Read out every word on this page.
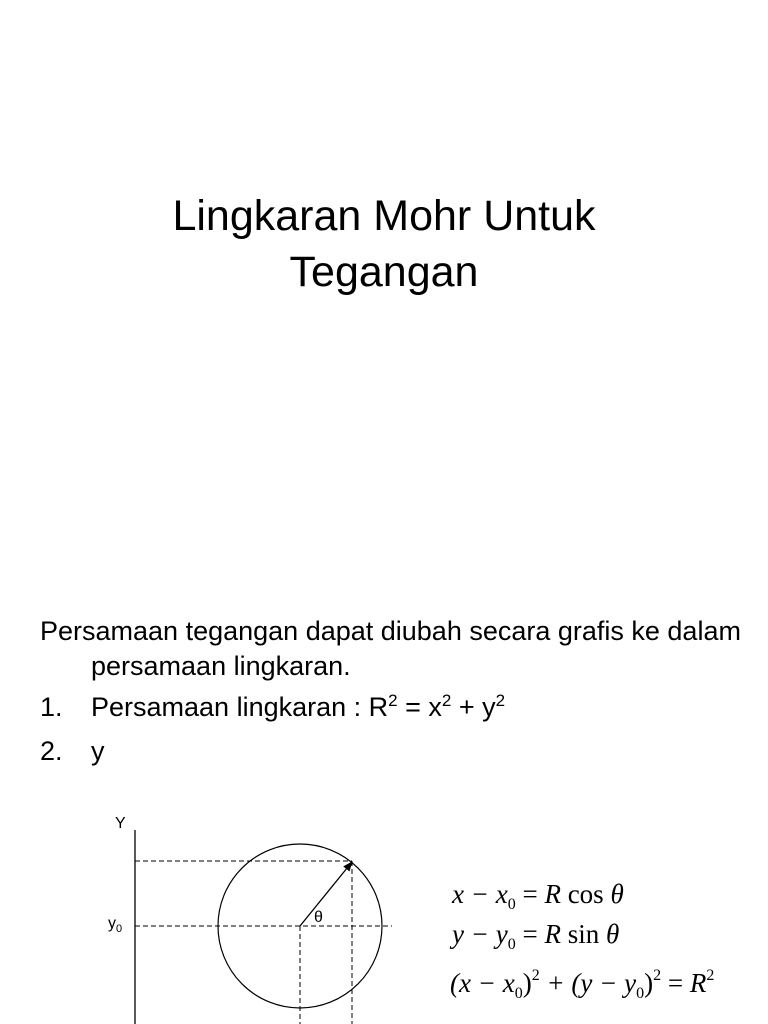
Lingkaran Mohr Untuk
Tegangan
Persamaan tegangan dapat diubah secara grafis ke dalam persamaan lingkaran.
1.	Persamaan lingkaran : $R^2 = x^2 + y^2$
2.	y
Y
$y_0$
θ
$x - x_0 = R$ cos θ
$y - y_0 = R$ sin θ
$(x - x_0)^2 + (y - y_0)^2 = R^2$
